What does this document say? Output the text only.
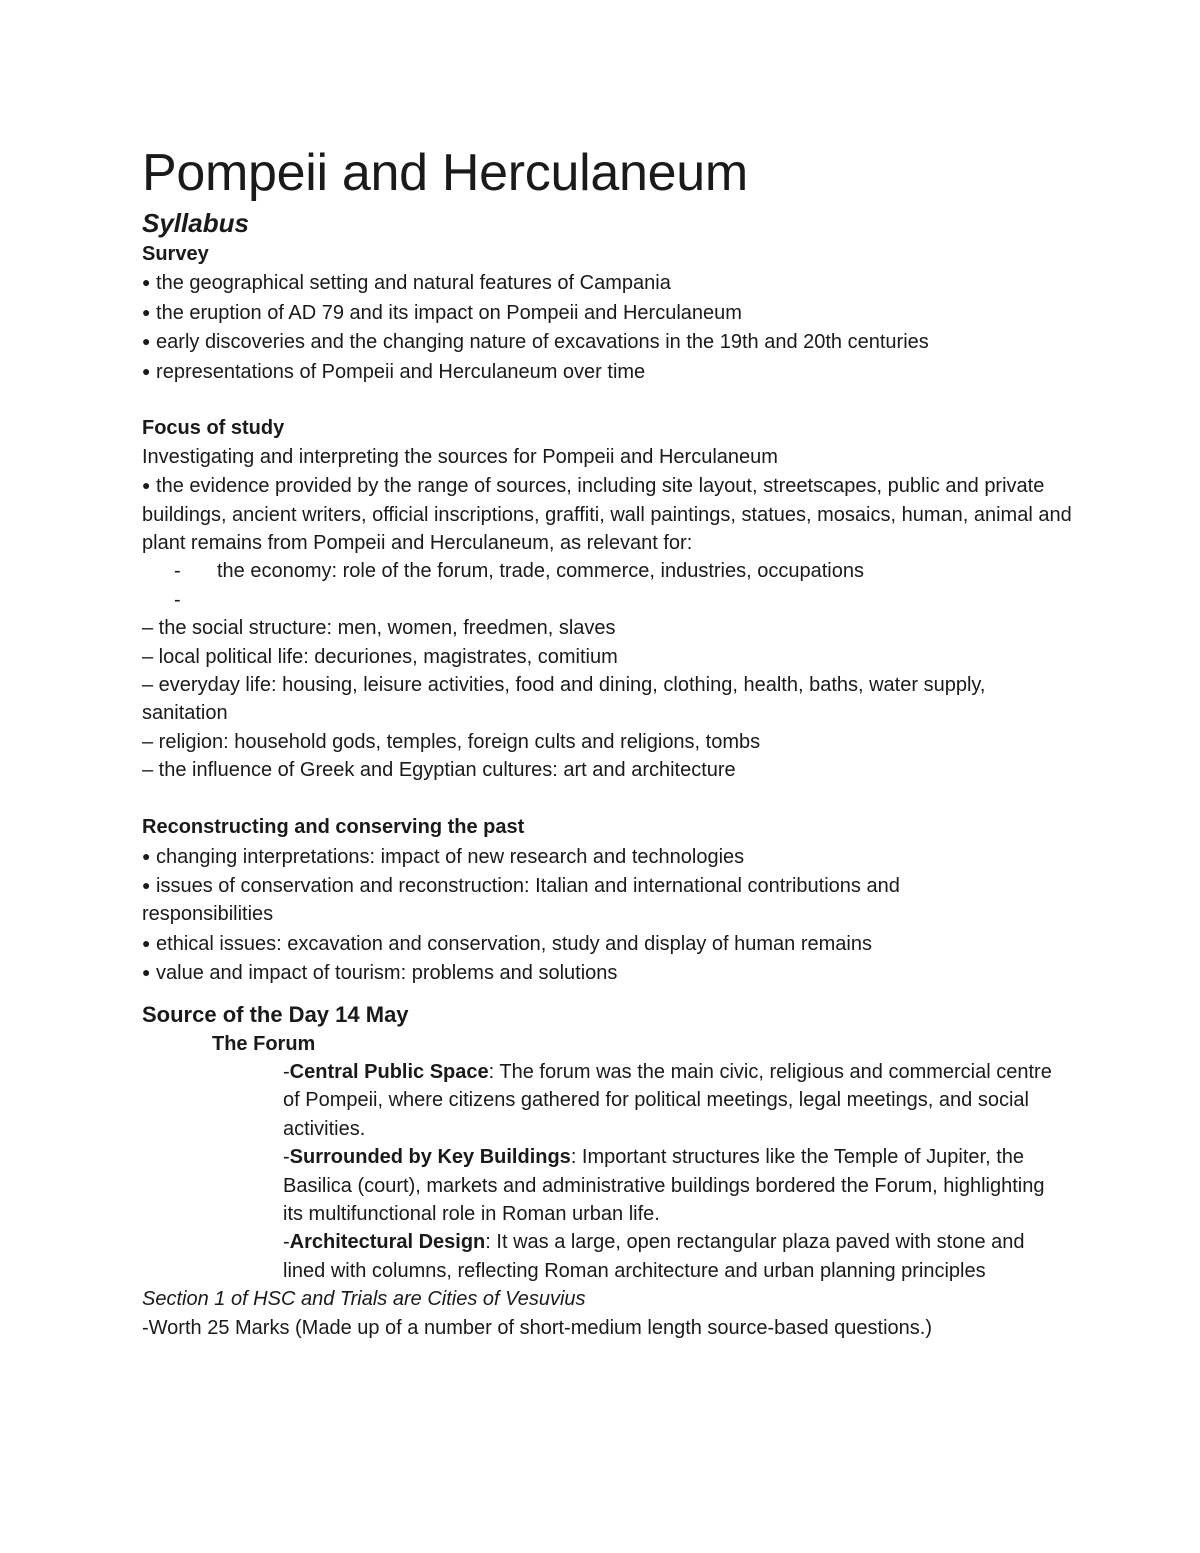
Pompeii and Herculaneum
Syllabus
Survey
● the geographical setting and natural features of Campania
● the eruption of AD 79 and its impact on Pompeii and Herculaneum
● early discoveries and the changing nature of excavations in the 19th and 20th centuries
● representations of Pompeii and Herculaneum over time
Focus of study
Investigating and interpreting the sources for Pompeii and Herculaneum
● the evidence provided by the range of sources, including site layout, streetscapes, public and private buildings, ancient writers, official inscriptions, graffiti, wall paintings, statues, mosaics, human, animal and plant remains from Pompeii and Herculaneum, as relevant for:
- the economy: role of the forum, trade, commerce, industries, occupations
-
– the social structure: men, women, freedmen, slaves
– local political life: decuriones, magistrates, comitium
– everyday life: housing, leisure activities, food and dining, clothing, health, baths, water supply, sanitation
– religion: household gods, temples, foreign cults and religions, tombs
– the influence of Greek and Egyptian cultures: art and architecture
Reconstructing and conserving the past
● changing interpretations: impact of new research and technologies
● issues of conservation and reconstruction: Italian and international contributions and responsibilities
● ethical issues: excavation and conservation, study and display of human remains
● value and impact of tourism: problems and solutions
Source of the Day 14 May
The Forum
-Central Public Space: The forum was the main civic, religious and commercial centre of Pompeii, where citizens gathered for political meetings, legal meetings, and social activities.
-Surrounded by Key Buildings: Important structures like the Temple of Jupiter, the Basilica (court), markets and administrative buildings bordered the Forum, highlighting its multifunctional role in Roman urban life.
-Architectural Design: It was a large, open rectangular plaza paved with stone and lined with columns, reflecting Roman architecture and urban planning principles
Section 1 of HSC and Trials are Cities of Vesuvius
-Worth 25 Marks (Made up of a number of short-medium length source-based questions.)
